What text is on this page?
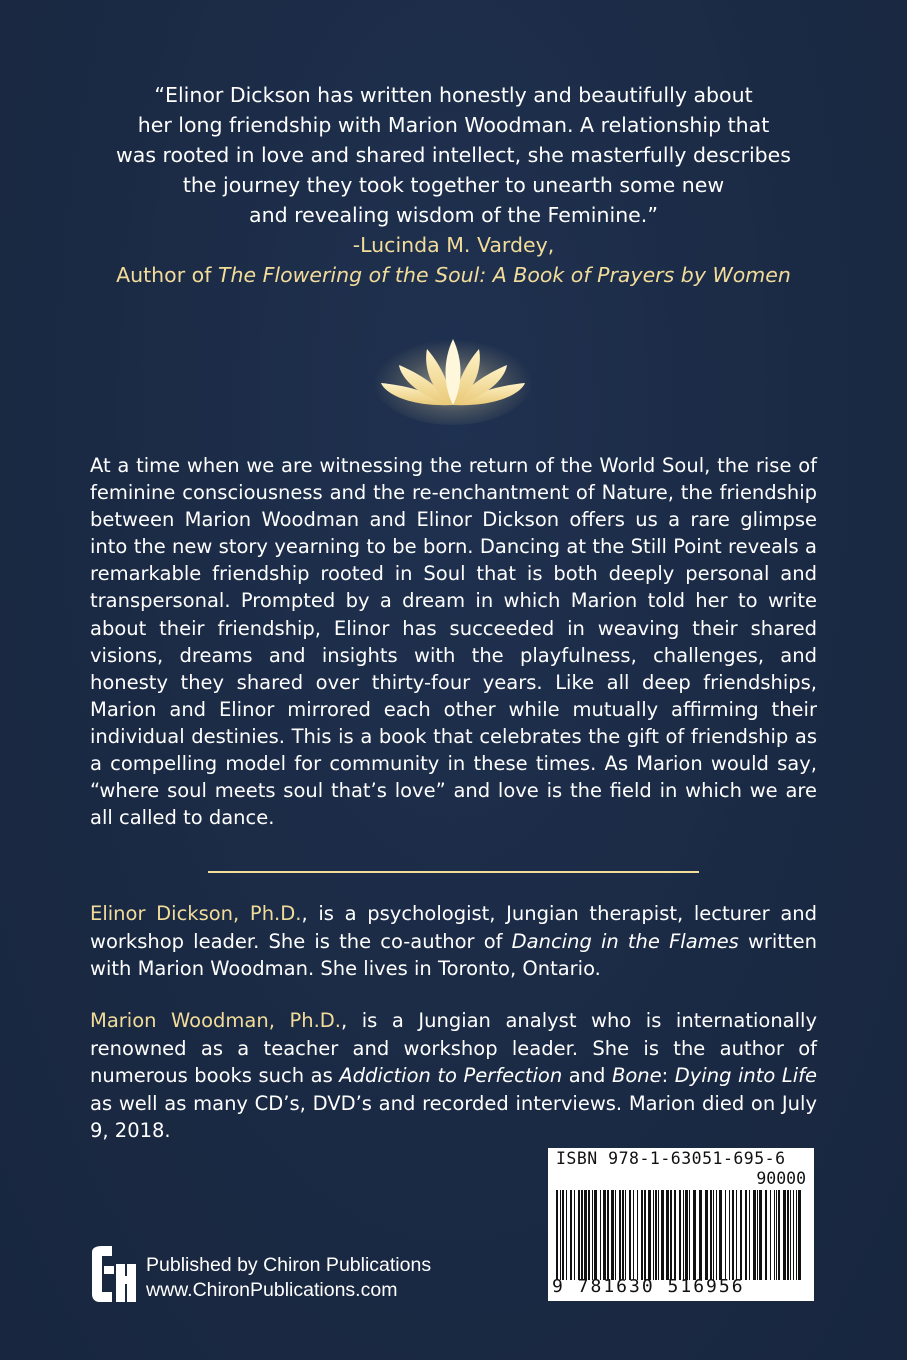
“Elinor Dickson has written honestly and beautifully about

her long friendship with Marion Woodman. A relationship that

was rooted in love and shared intellect, she masterfully describes

the journey they took together to unearth some new

and revealing wisdom of the Feminine.”

-Lucinda M. Vardey,

Author of The Flowering of the Soul: A Book of Prayers by Women

At a time when we are witnessing the return of the World Soul, the rise of feminine consciousness and the re-enchantment of Nature, the friendship between Marion Woodman and Elinor Dickson offers us a rare glimpse into the new story yearning to be born. Dancing at the Still Point reveals a remarkable friendship rooted in Soul that is both deeply personal and transpersonal. Prompted by a dream in which Marion told her to write about their friendship, Elinor has succeeded in weaving their shared visions, dreams and insights with the playfulness, challenges, and honesty they shared over thirty-four years. Like all deep friendships, Marion and Elinor mirrored each other while mutually affirming their individual destinies. This is a book that celebrates the gift of friendship as a compelling model for community in these times. As Marion would say, “where soul meets soul that’s love” and love is the field in which we are all called to dance.
Elinor Dickson, Ph.D., is a psychologist, Jungian therapist, lecturer and workshop leader. She is the co-author of Dancing in the Flames written with Marion Woodman. She lives in Toronto, Ontario.
Marion Woodman, Ph.D., is a Jungian analyst who is internationally renowned as a teacher and workshop leader. She is the author of numerous books such as Addiction to Perfection and Bone: Dying into Life as well as many CD’s, DVD’s and recorded interviews. Marion died on July 9, 2018.
ISBN 978-1-63051-695-6
90000
9 781630 516956
Published by Chiron Publications
www.ChironPublications.com
